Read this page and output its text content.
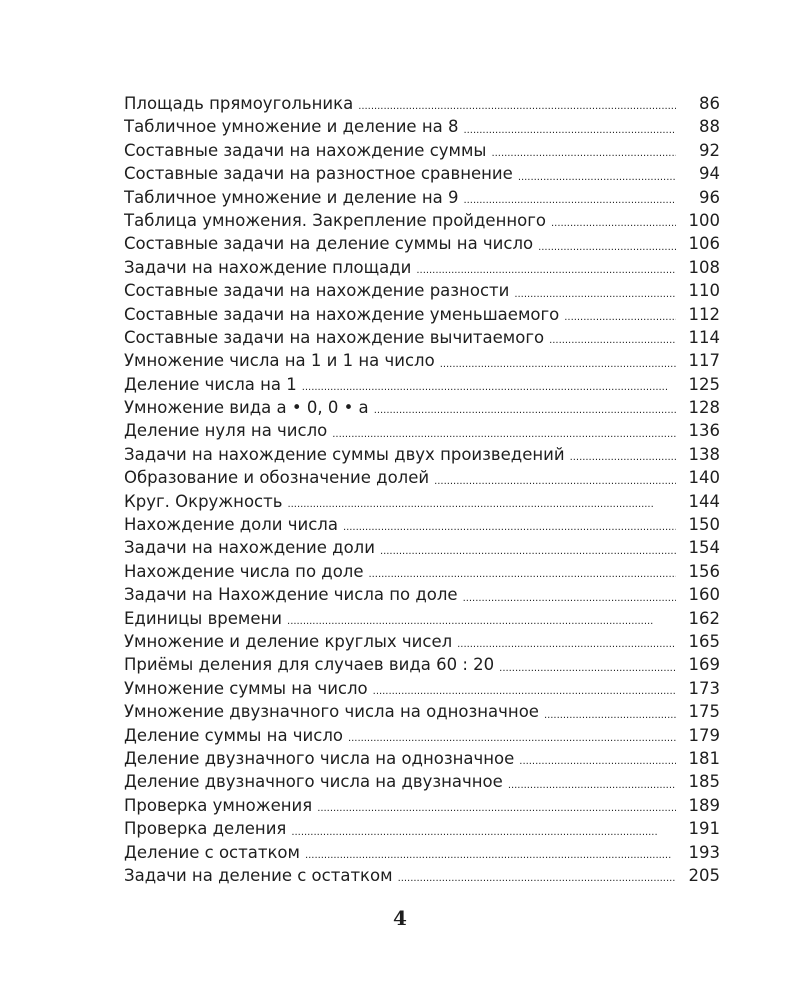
Площадь прямоугольника . . .	86
Табличное умножение и деление на 8 . . .	88
Составные задачи на нахождение суммы . . .	92
Составные задачи на разностное сравнение . . .	94
Табличное умножение и деление на 9 . . .	96
Таблица умножения. Закрепление пройденного . . .	100
Составные задачи на деление суммы на число . . .	106
Задачи на нахождение площади . . .	108
Составные задачи на нахождение разности . . .	110
Составные задачи на нахождение уменьшаемого . . .	112
Составные задачи на нахождение вычитаемого . . .	114
Умножение числа на 1 и 1 на число . . .	117
Деление числа на 1 . . .	125
Умножение вида а • 0, 0 • а . . .	128
Деление нуля на число . . .	136
Задачи на нахождение суммы двух произведений . . .	138
Образование и обозначение долей . . .	140
Круг. Окружность . . .	144
Нахождение доли числа . . .	150
Задачи на нахождение доли . . .	154
Нахождение числа по доле . . .	156
Задачи на Нахождение числа по доле . . .	160
Единицы времени . . .	162
Умножение и деление круглых чисел . . .	165
Приёмы деления для случаев вида 60 : 20 . . .	169
Умножение суммы на число . . .	173
Умножение двузначного числа на однозначное . . .	175
Деление суммы на число . . .	179
Деление двузначного числа на однозначное . . .	181
Деление двузначного числа на двузначное . . .	185
Проверка умножения . . .	189
Проверка деления . . .	191
Деление с остатком . . .	193
Задачи на деление с остатком . . .	205
4
